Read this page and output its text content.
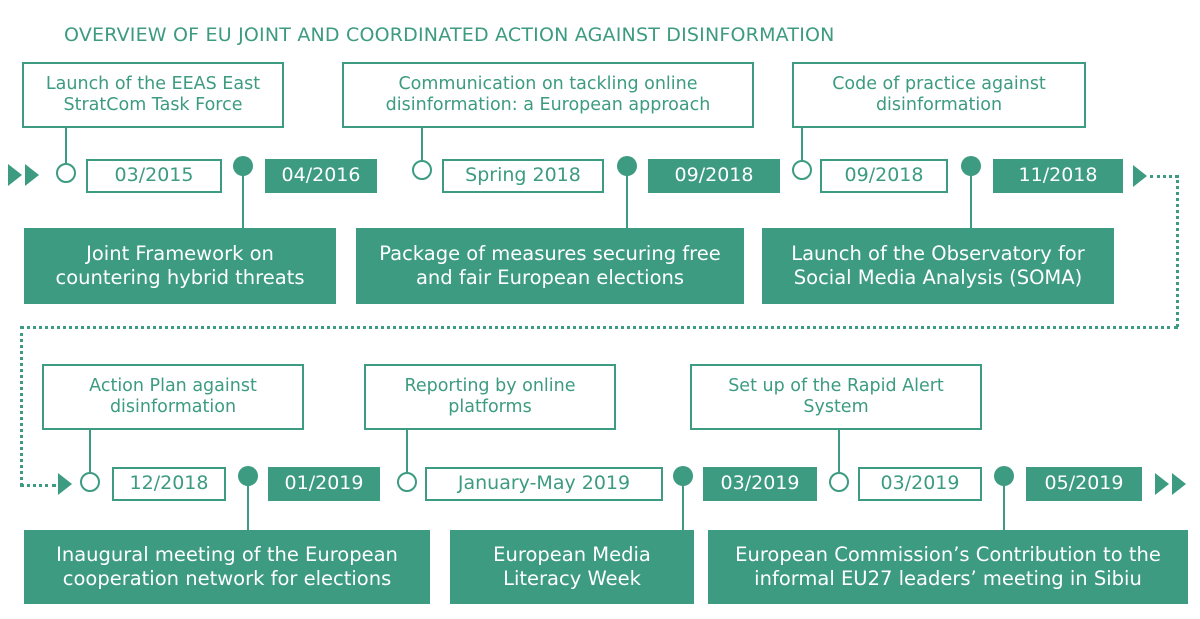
OVERVIEW OF EU JOINT AND COORDINATED ACTION AGAINST DISINFORMATION
Launch of the EEAS East StratCom Task Force
Communication on tackling online disinformation: a European approach
Code of practice against disinformation
03/2015	04/2016	Spring 2018	09/2018	09/2018	11/2018
Joint Framework on countering hybrid threats
Package of measures securing free and fair European elections
Launch of the Observatory for Social Media Analysis (SOMA)
Action Plan against disinformation
Reporting by online platforms
Set up of the Rapid Alert System
12/2018	01/2019	January-May 2019	03/2019	03/2019	05/2019
Inaugural meeting of the European cooperation network for elections
European Media Literacy Week
European Commission’s Contribution to the informal EU27 leaders’ meeting in Sibiu
